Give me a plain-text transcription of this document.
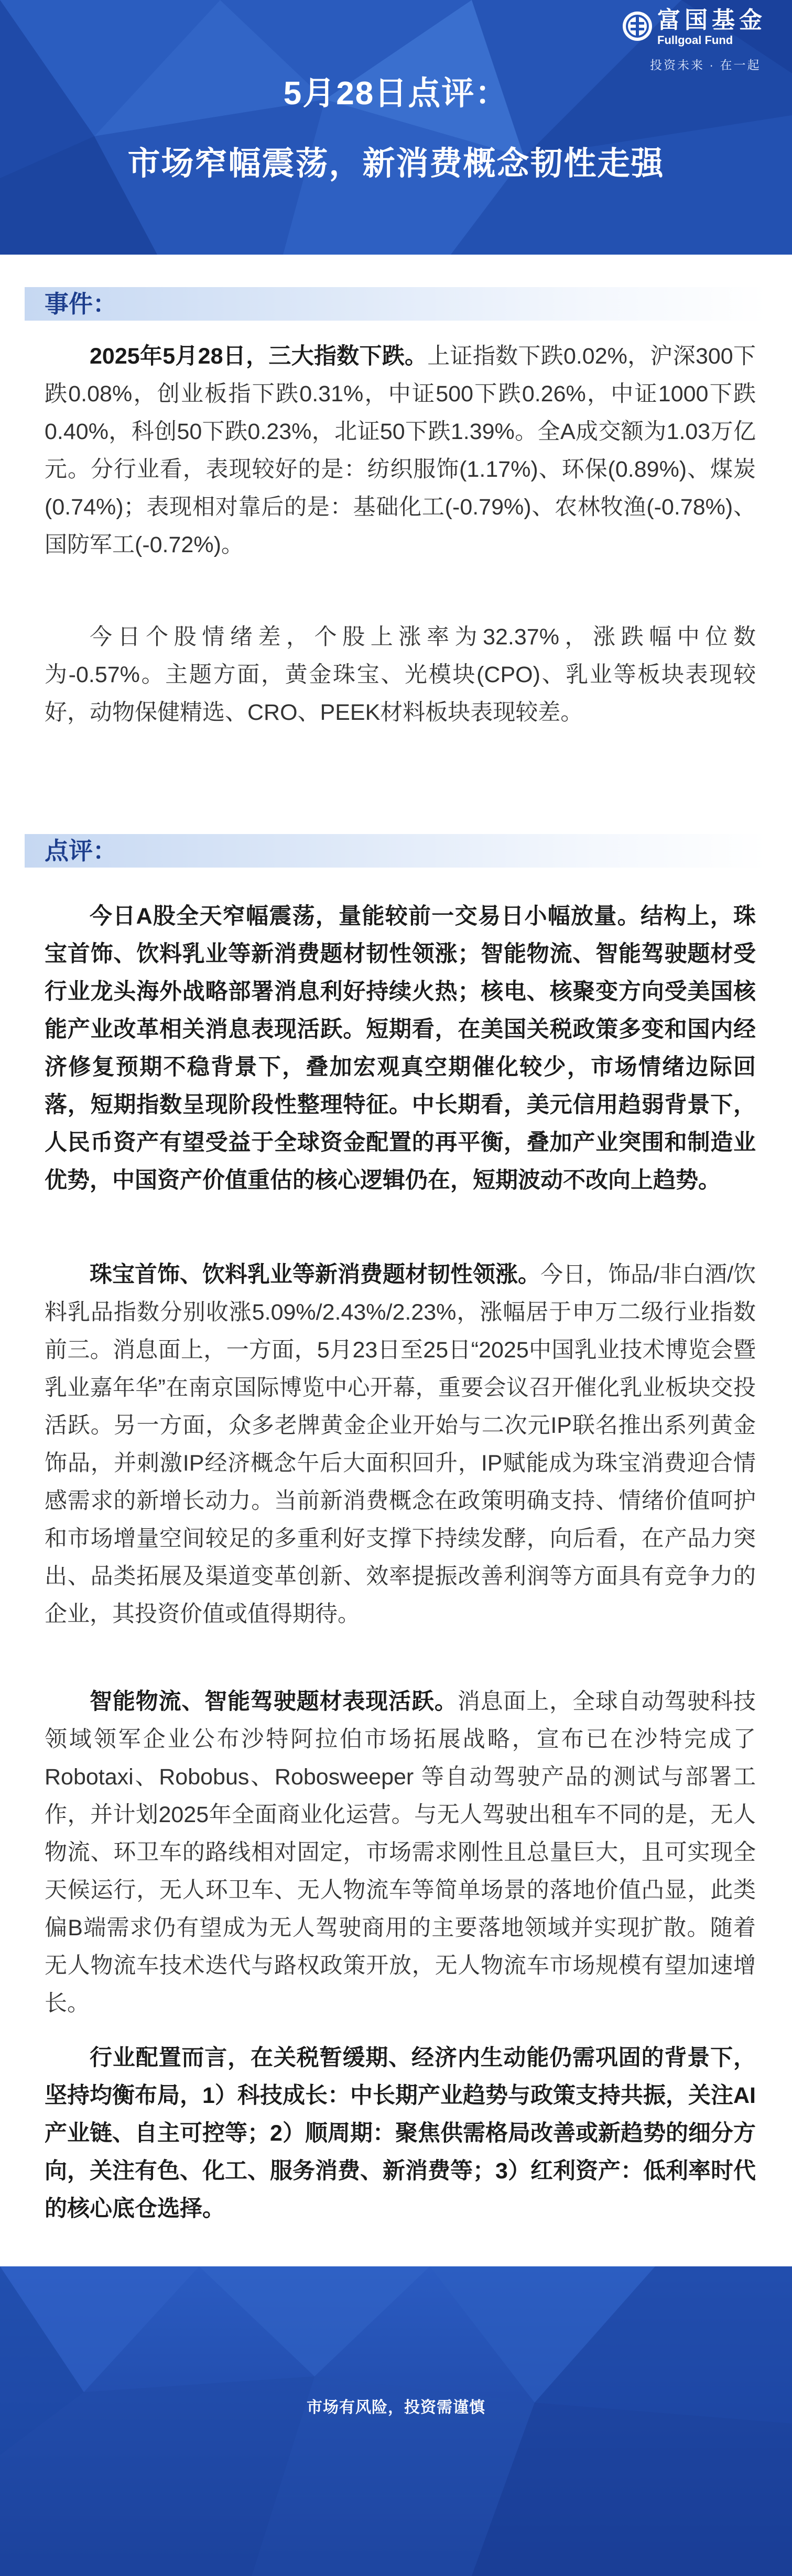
富国基金
Fullgoal Fund
投资未来 · 在一起
5月28日点评：
市场窄幅震荡，新消费概念韧性走强
事件：

2025年5月28日，三大指数下跌。上证指数下跌0.02%，沪深300下跌0.08%，创业板指下跌0.31%，中证500下跌0.26%，中证1000下跌0.40%，科创50下跌0.23%，北证50下跌1.39%。全A成交额为1.03万亿元。分行业看，表现较好的是：纺织服饰(1.17%)、环保(0.89%)、煤炭(0.74%)；表现相对靠后的是：基础化工(-0.79%)、农林牧渔(-0.78%)、国防军工(-0.72%)。

今日个股情绪差，个股上涨率为32.37%，涨跌幅中位数为-0.57%。主题方面，黄金珠宝、光模块(CPO)、乳业等板块表现较好，动物保健精选、CRO、PEEK材料板块表现较差。

点评：

今日A股全天窄幅震荡，量能较前一交易日小幅放量。结构上，珠宝首饰、饮料乳业等新消费题材韧性领涨；智能物流、智能驾驶题材受行业龙头海外战略部署消息利好持续火热；核电、核聚变方向受美国核能产业改革相关消息表现活跃。短期看，在美国关税政策多变和国内经济修复预期不稳背景下，叠加宏观真空期催化较少，市场情绪边际回落，短期指数呈现阶段性整理特征。中长期看，美元信用趋弱背景下，人民币资产有望受益于全球资金配置的再平衡，叠加产业突围和制造业优势，中国资产价值重估的核心逻辑仍在，短期波动不改向上趋势。

珠宝首饰、饮料乳业等新消费题材韧性领涨。今日，饰品/非白酒/饮料乳品指数分别收涨5.09%/2.43%/2.23%，涨幅居于申万二级行业指数前三。消息面上，一方面，5月23日至25日“2025中国乳业技术博览会暨乳业嘉年华”在南京国际博览中心开幕，重要会议召开催化乳业板块交投活跃。另一方面，众多老牌黄金企业开始与二次元IP联名推出系列黄金饰品，并刺激IP经济概念午后大面积回升，IP赋能成为珠宝消费迎合情感需求的新增长动力。当前新消费概念在政策明确支持、情绪价值呵护和市场增量空间较足的多重利好支撑下持续发酵，向后看，在产品力突出、品类拓展及渠道变革创新、效率提振改善利润等方面具有竞争力的企业，其投资价值或值得期待。

智能物流、智能驾驶题材表现活跃。消息面上，全球自动驾驶科技领域领军企业公布沙特阿拉伯市场拓展战略，宣布已在沙特完成了Robotaxi、Robobus、Robosweeper 等自动驾驶产品的测试与部署工作，并计划2025年全面商业化运营。与无人驾驶出租车不同的是，无人物流、环卫车的路线相对固定，市场需求刚性且总量巨大，且可实现全天候运行，无人环卫车、无人物流车等简单场景的落地价值凸显，此类偏B端需求仍有望成为无人驾驶商用的主要落地领域并实现扩散。随着无人物流车技术迭代与路权政策开放，无人物流车市场规模有望加速增长。

行业配置而言，在关税暂缓期、经济内生动能仍需巩固的背景下，坚持均衡布局，1）科技成长：中长期产业趋势与政策支持共振，关注AI产业链、自主可控等；2）顺周期：聚焦供需格局改善或新趋势的细分方向，关注有色、化工、服务消费、新消费等；3）红利资产：低利率时代的核心底仓选择。

市场有风险，投资需谨慎
